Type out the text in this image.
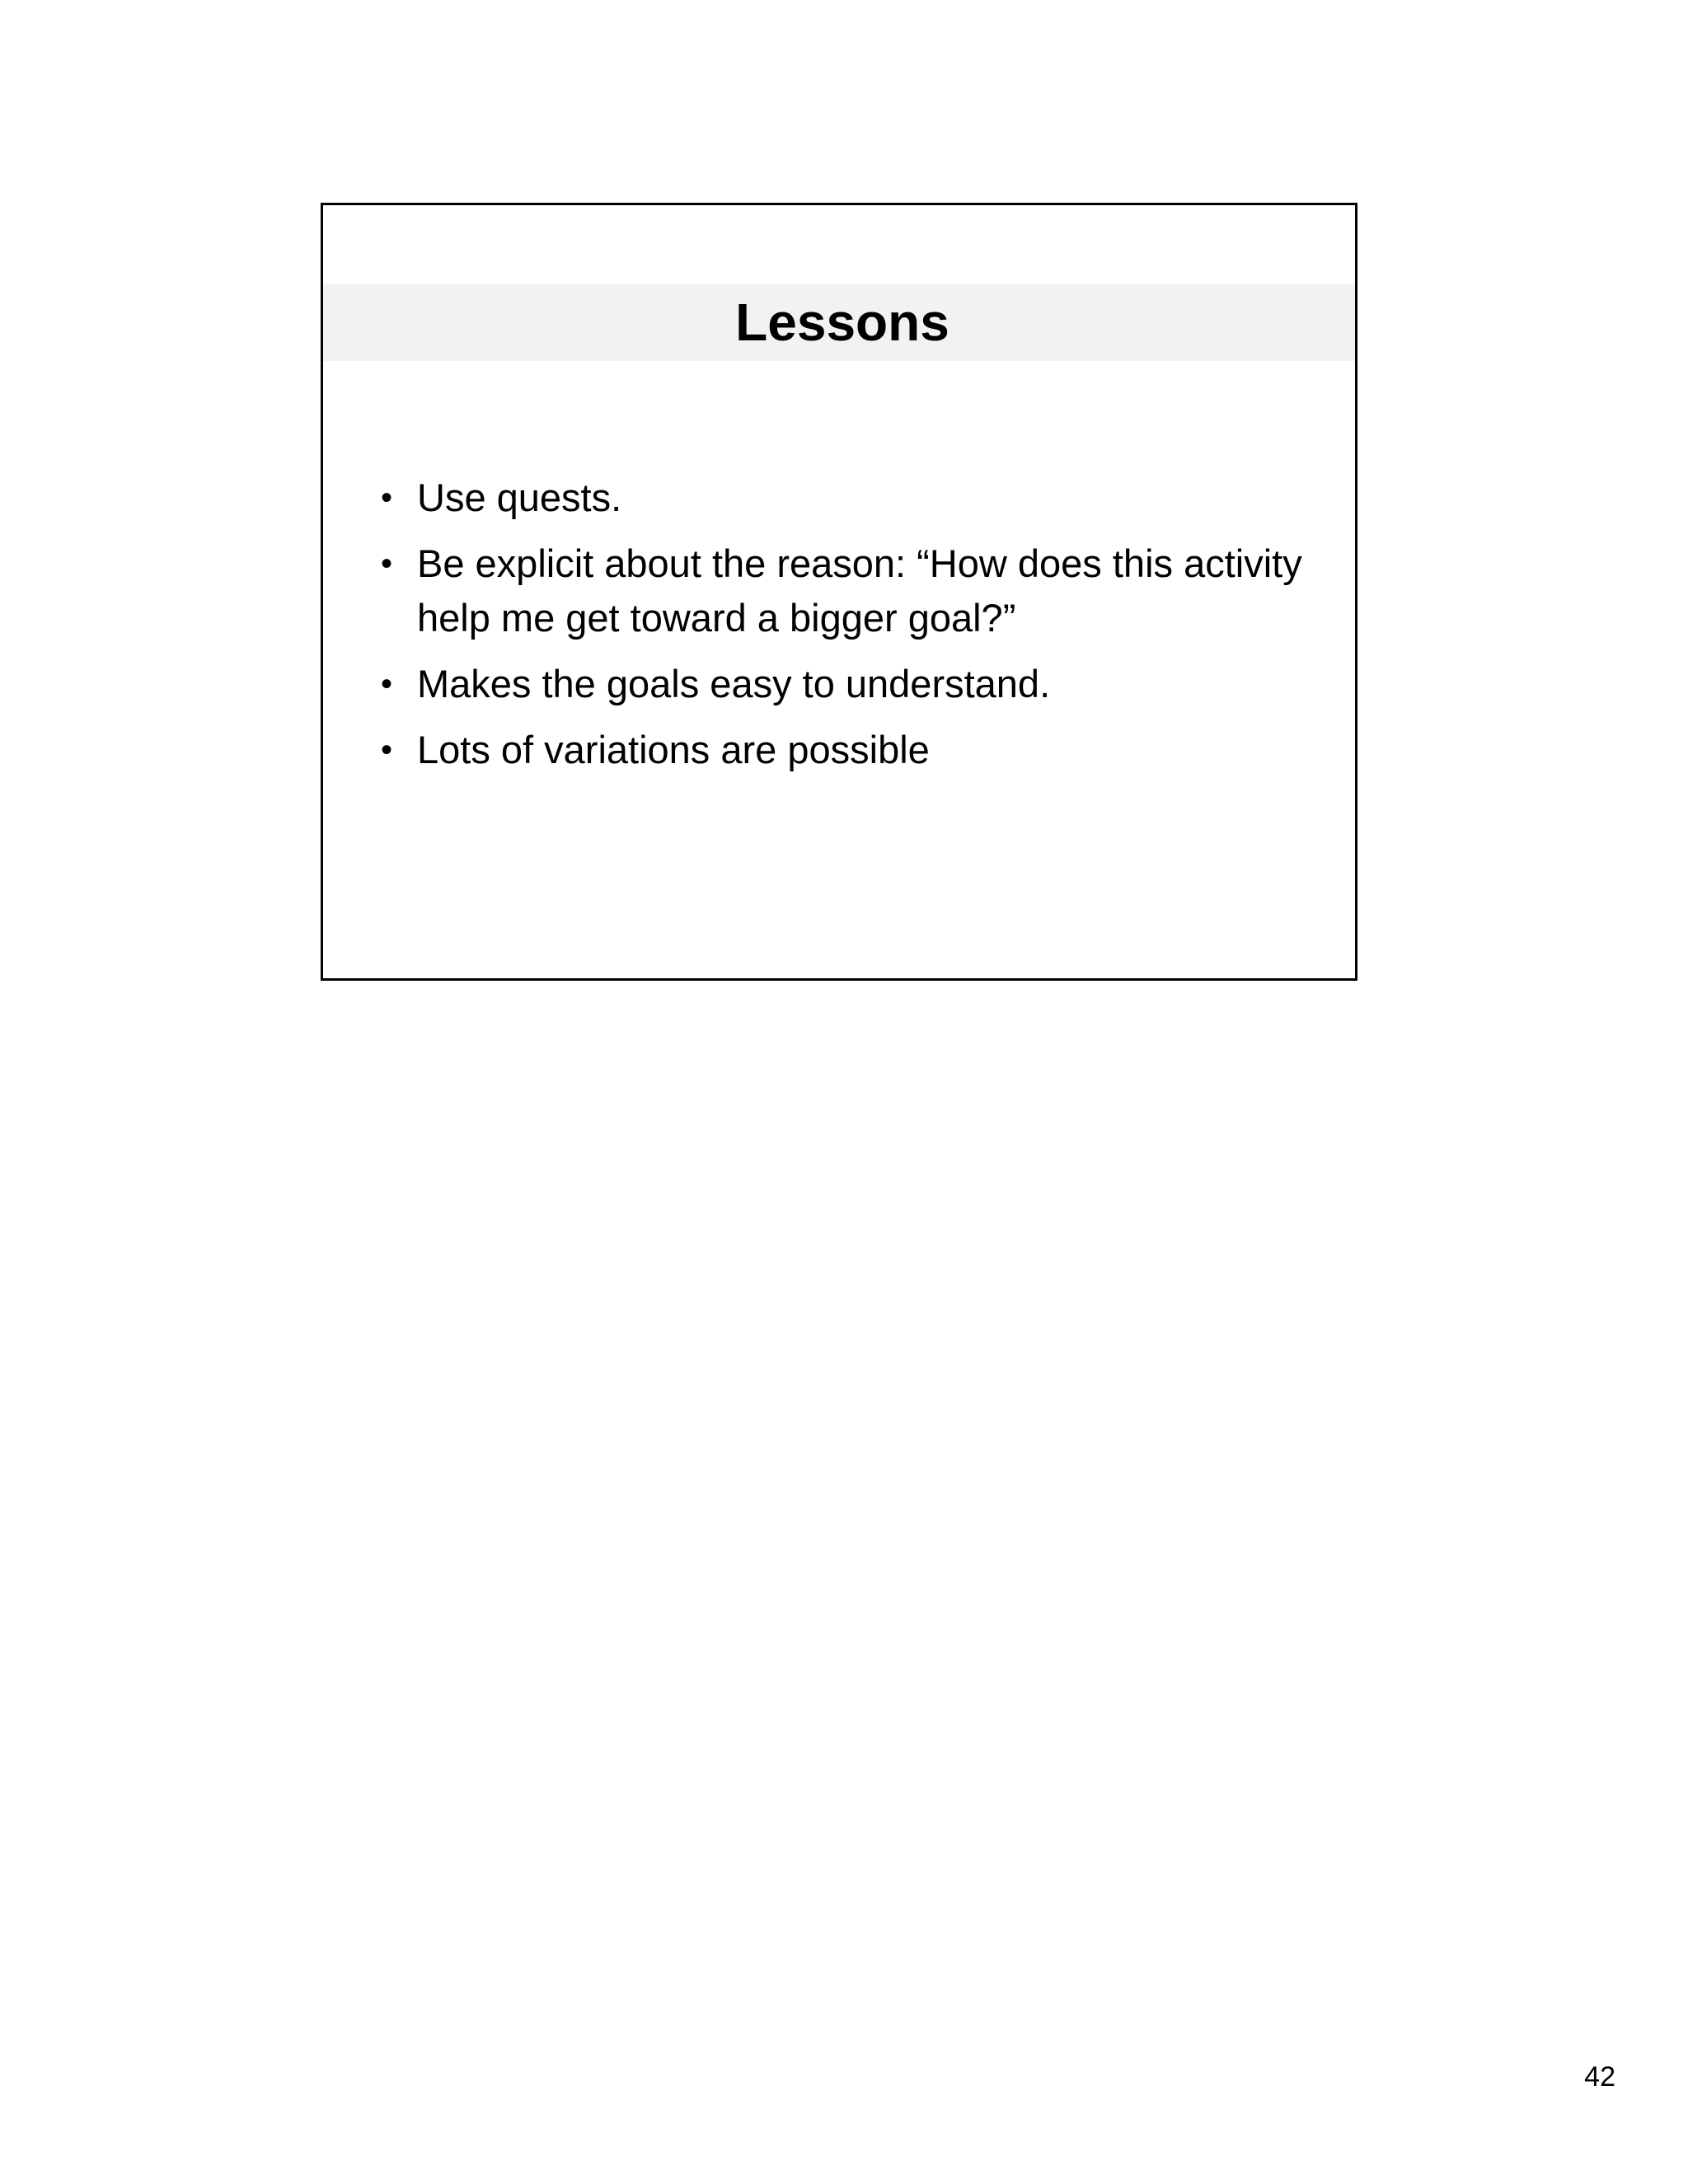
Lessons
• Use quests.
• Be explicit about the reason: “How does this activity help me get toward a bigger goal?”
• Makes the goals easy to understand.
• Lots of variations are possible
42
